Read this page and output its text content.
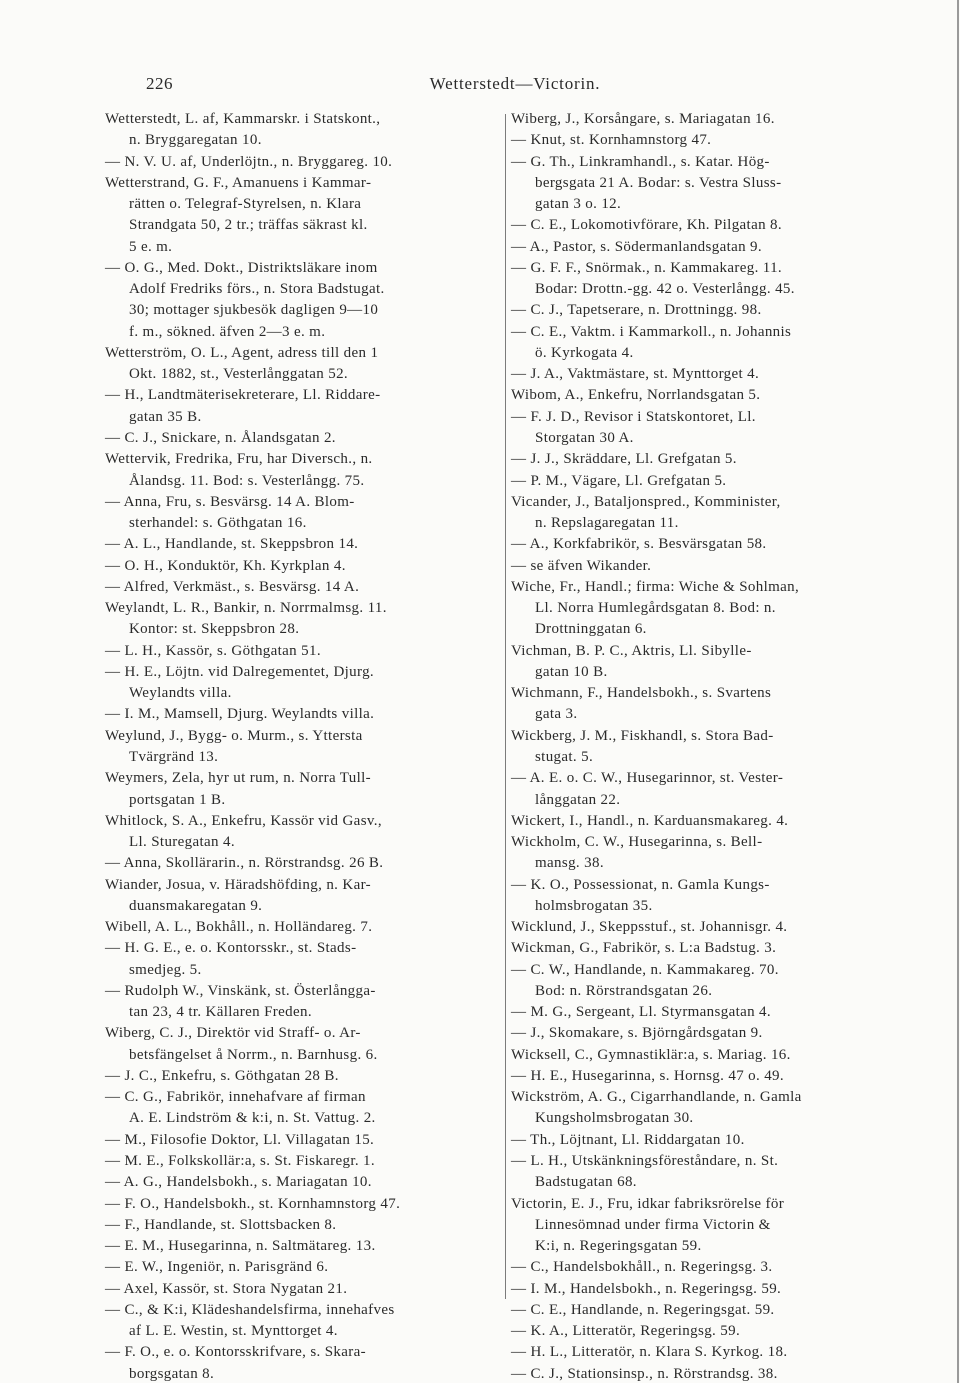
226	Wetterstedt—Victorin.
Wetterstedt, L. af, Kammarskr. i Statskont.,
n. Bryggaregatan 10.
— N. V. U. af, Underlöjtn., n. Bryggareg. 10.
Wetterstrand, G. F., Amanuens i Kammar-
rätten o. Telegraf-Styrelsen, n. Klara
Strandgata 50, 2 tr.; träffas säkrast kl.
5 e. m.
— O. G., Med. Dokt., Distriktsläkare inom
Adolf Fredriks förs., n. Stora Badstugat.
30; mottager sjukbesök dagligen 9—10
f. m., sökned. äfven 2—3 e. m.
Wetterström, O. L., Agent, adress till den 1
Okt. 1882, st., Vesterlånggatan 52.
— H., Landtmäterisekreterare, Ll. Riddare-
gatan 35 B.
— C. J., Snickare, n. Ålandsgatan 2.
Wettervik, Fredrika, Fru, har Diversch., n.
Ålandsg. 11. Bod: s. Vesterlångg. 75.
— Anna, Fru, s. Besvärsg. 14 A. Blom-
sterhandel: s. Göthgatan 16.
— A. L., Handlande, st. Skeppsbron 14.
— O. H., Konduktör, Kh. Kyrkplan 4.
— Alfred, Verkmäst., s. Besvärsg. 14 A.
Weylandt, L. R., Bankir, n. Norrmalmsg. 11.
Kontor: st. Skeppsbron 28.
— L. H., Kassör, s. Göthgatan 51.
— H. E., Löjtn. vid Dalregementet, Djurg.
Weylandts villa.
— I. M., Mamsell, Djurg. Weylandts villa.
Weylund, J., Bygg- o. Murm., s. Yttersta
Tvärgränd 13.
Weymers, Zela, hyr ut rum, n. Norra Tull-
portsgatan 1 B.
Whitlock, S. A., Enkefru, Kassör vid Gasv.,
Ll. Sturegatan 4.
— Anna, Skollärarin., n. Rörstrandsg. 26 B.
Wiander, Josua, v. Häradshöfding, n. Kar-
duansmakaregatan 9.
Wibell, A. L., Bokhåll., n. Holländareg. 7.
— H. G. E., e. o. Kontorsskr., st. Stads-
smedjeg. 5.
— Rudolph W., Vinskänk, st. Österlångga-
tan 23, 4 tr. Källaren Freden.
Wiberg, C. J., Direktör vid Straff- o. Ar-
betsfängelset å Norrm., n. Barnhusg. 6.
— J. C., Enkefru, s. Göthgatan 28 B.
— C. G., Fabrikör, innehafvare af firman
A. E. Lindström & k:i, n. St. Vattug. 2.
— M., Filosofie Doktor, Ll. Villagatan 15.
— M. E., Folkskollär:a, s. St. Fiskaregr. 1.
— A. G., Handelsbokh., s. Mariagatan 10.
— F. O., Handelsbokh., st. Kornhamnstorg 47.
— F., Handlande, st. Slottsbacken 8.
— E. M., Husegarinna, n. Saltmätareg. 13.
— E. W., Ingeniör, n. Parisgränd 6.
— Axel, Kassör, st. Stora Nygatan 21.
— C., & K:i, Klädeshandelsfirma, innehafves
af L. E. Westin, st. Mynttorget 4.
— F. O., e. o. Kontorsskrifvare, s. Skara-
borgsgatan 8.
Wiberg, J., Korsångare, s. Mariagatan 16.
— Knut, st. Kornhamnstorg 47.
— G. Th., Linkramhandl., s. Katar. Hög-
bergsgata 21 A. Bodar: s. Vestra Sluss-
gatan 3 o. 12.
— C. E., Lokomotivförare, Kh. Pilgatan 8.
— A., Pastor, s. Södermanlandsgatan 9.
— G. F. F., Snörmak., n. Kammakareg. 11.
Bodar: Drottn.-gg. 42 o. Vesterlångg. 45.
— C. J., Tapetserare, n. Drottningg. 98.
— C. E., Vaktm. i Kammarkoll., n. Johannis
ö. Kyrkogata 4.
— J. A., Vaktmästare, st. Mynttorget 4.
Wibom, A., Enkefru, Norrlandsgatan 5.
— F. J. D., Revisor i Statskontoret, Ll.
Storgatan 30 A.
— J. J., Skräddare, Ll. Grefgatan 5.
— P. M., Vägare, Ll. Grefgatan 5.
Vicander, J., Bataljonspred., Komminister,
n. Repslagaregatan 11.
— A., Korkfabrikör, s. Besvärsgatan 58.
— se äfven Wikander.
Wiche, Fr., Handl.; firma: Wiche & Sohlman,
Ll. Norra Humlegårdsgatan 8. Bod: n.
Drottninggatan 6.
Vichman, B. P. C., Aktris, Ll. Sibylle-
gatan 10 B.
Wichmann, F., Handelsbokh., s. Svartens
gata 3.
Wickberg, J. M., Fiskhandl, s. Stora Bad-
stugat. 5.
— A. E. o. C. W., Husegarinnor, st. Vester-
långgatan 22.
Wickert, I., Handl., n. Karduansmakareg. 4.
Wickholm, C. W., Husegarinna, s. Bell-
mansg. 38.
— K. O., Possessionat, n. Gamla Kungs-
holmsbrogatan 35.
Wicklund, J., Skeppsstuf., st. Johannisgr. 4.
Wickman, G., Fabrikör, s. L:a Badstug. 3.
— C. W., Handlande, n. Kammakareg. 70.
Bod: n. Rörstrandsgatan 26.
— M. G., Sergeant, Ll. Styrmansgatan 4.
— J., Skomakare, s. Björngårdsgatan 9.
Wicksell, C., Gymnastiklär:a, s. Mariag. 16.
— H. E., Husegarinna, s. Hornsg. 47 o. 49.
Wickström, A. G., Cigarrhandlande, n. Gamla
Kungsholmsbrogatan 30.
— Th., Löjtnant, Ll. Riddargatan 10.
— L. H., Utskänkningsföreståndare, n. St.
Badstugatan 68.
Victorin, E. J., Fru, idkar fabriksrörelse för
Linnesömnad under firma Victorin &
K:i, n. Regeringsgatan 59.
— C., Handelsbokhåll., n. Regeringsg. 3.
— I. M., Handelsbokh., n. Regeringsg. 59.
— C. E., Handlande, n. Regeringsgat. 59.
— K. A., Litteratör, Regeringsg. 59.
— H. L., Litteratör, n. Klara S. Kyrkog. 18.
— C. J., Stationsinsp., n. Rörstrandsg. 38.
